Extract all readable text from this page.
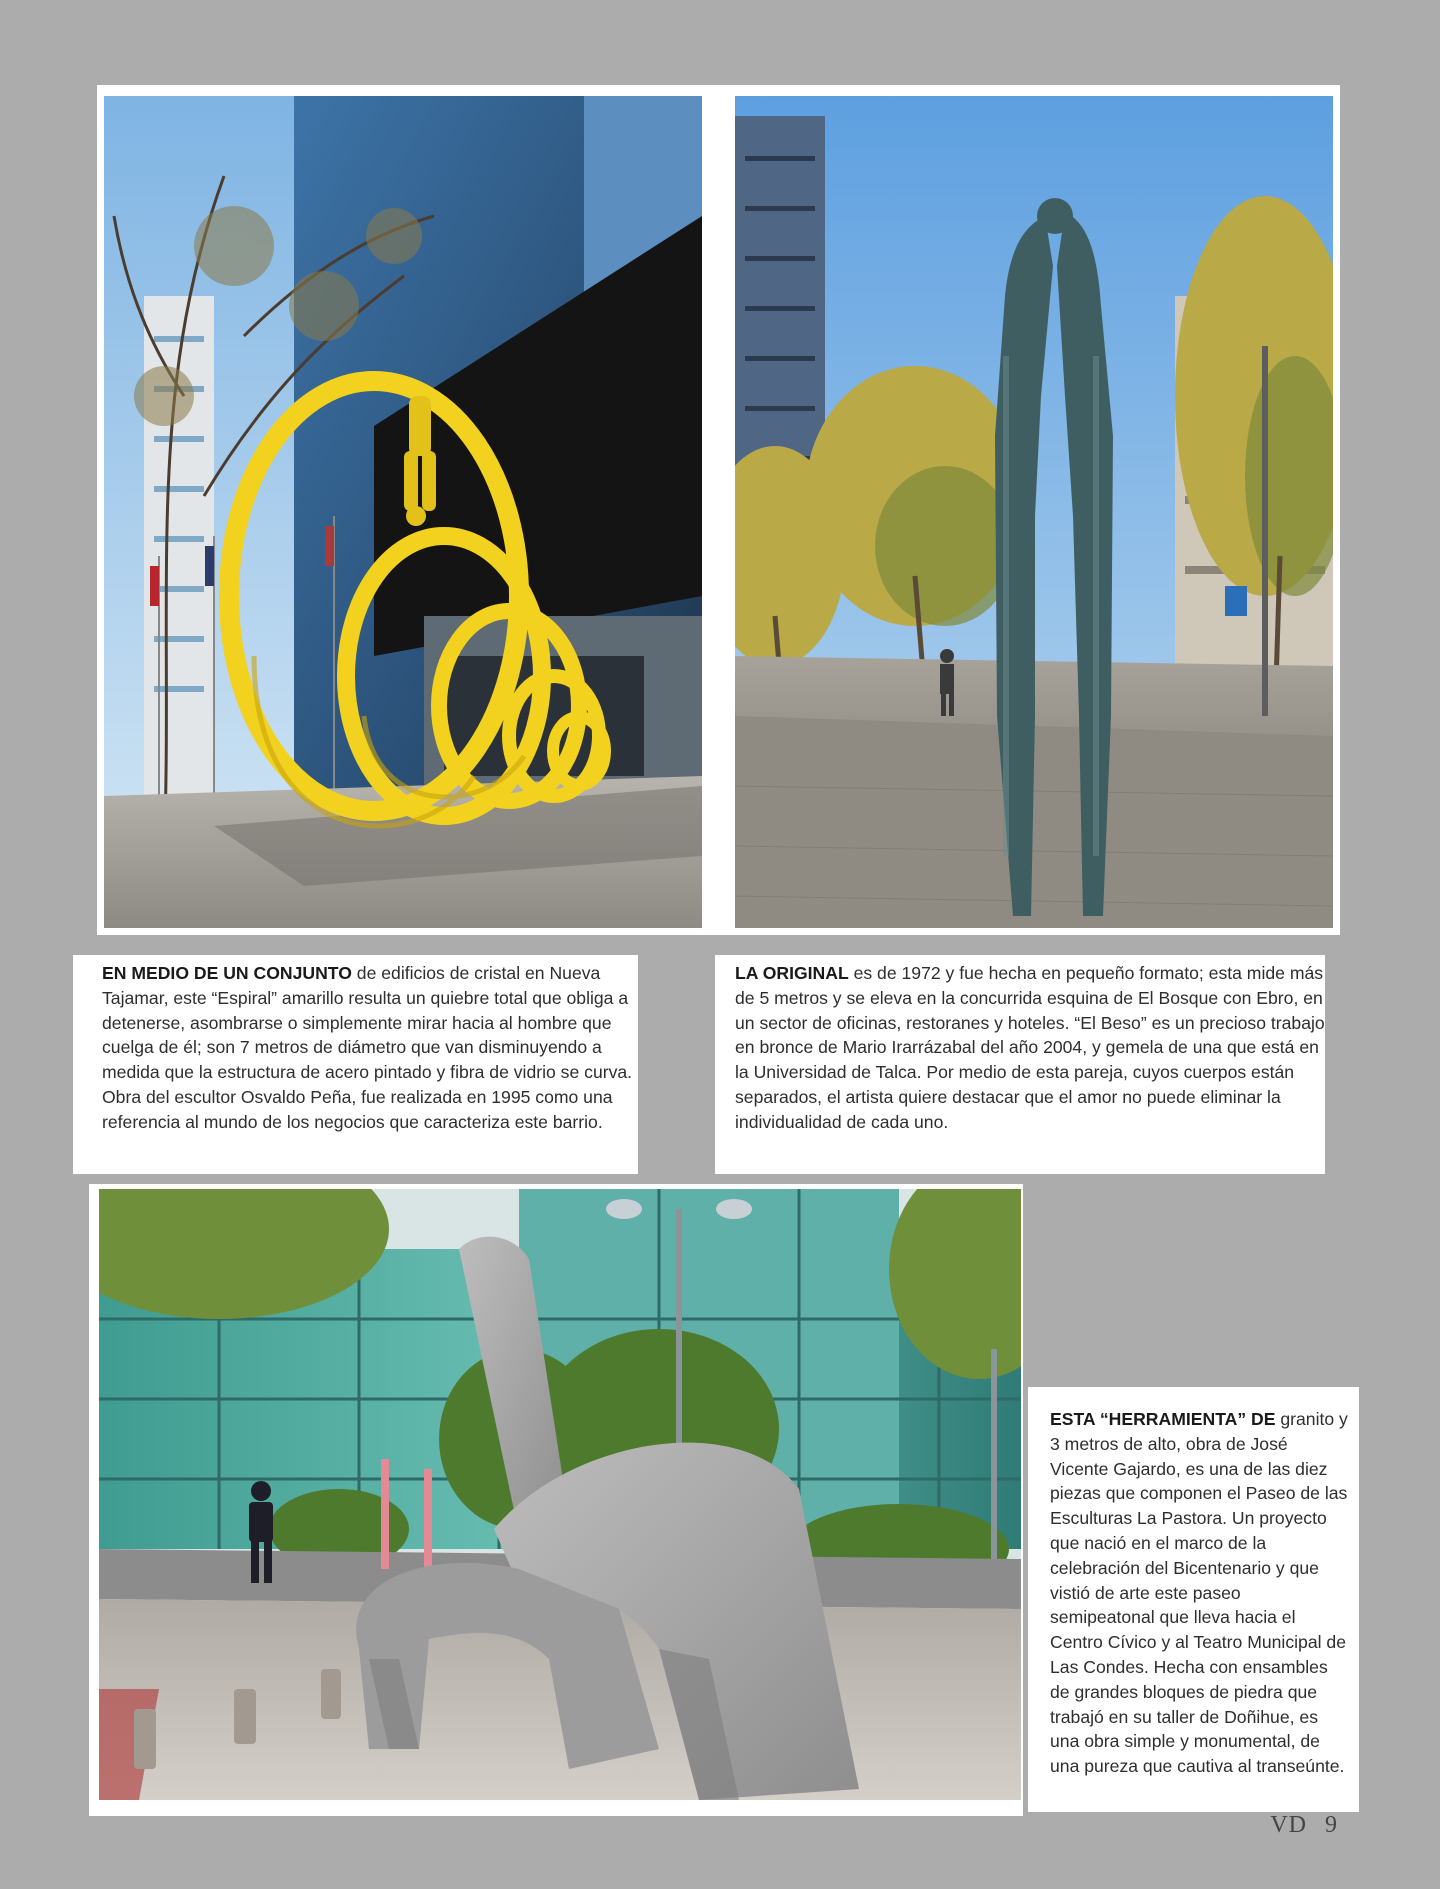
EN MEDIO DE UN CONJUNTO de edificios de cristal en Nueva Tajamar, este “Espiral” amarillo resulta un quiebre total que obliga a detenerse, asombrarse o simplemente mirar hacia al hombre que cuelga de él; son 7 metros de diámetro que van disminuyendo a medida que la estructura de acero pintado y fibra de vidrio se curva. Obra del escultor Osvaldo Peña, fue realizada en 1995 como una referencia al mundo de los negocios que caracteriza este barrio.

LA ORIGINAL es de 1972 y fue hecha en pequeño formato; esta mide más de 5 metros y se eleva en la concurrida esquina de El Bosque con Ebro, en un sector de oficinas, restoranes y hoteles. “El Beso” es un precioso trabajo en bronce de Mario Irarrázabal del año 2004, y gemela de una que está en la Universidad de Talca. Por medio de esta pareja, cuyos cuerpos están separados, el artista quiere destacar que el amor no puede eliminar la individualidad de cada uno.

ESTA “HERRAMIENTA” DE granito y 3 metros de alto, obra de José Vicente Gajardo, es una de las diez piezas que componen el Paseo de las Esculturas La Pastora. Un proyecto que nació en el marco de la celebración del Bicentenario y que vistió de arte este paseo semipeatonal que lleva hacia el Centro Cívico y al Teatro Municipal de Las Condes. Hecha con ensambles de grandes bloques de piedra que trabajó en su taller de Doñihue, es una obra simple y monumental, de una pureza que cautiva al transeúnte.

VD 9
